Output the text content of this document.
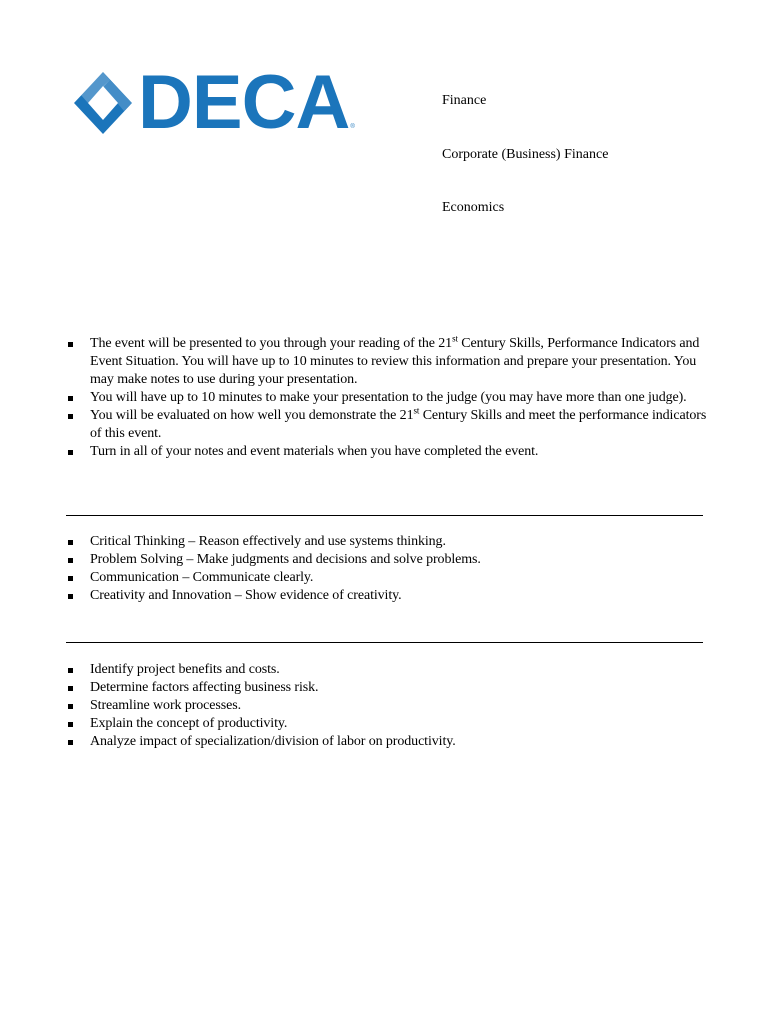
DECA ®
Finance
Corporate (Business) Finance
Economics
The event will be presented to you through your reading of the 21st Century Skills, Performance Indicators and Event Situation. You will have up to 10 minutes to review this information and prepare your presentation. You may make notes to use during your presentation.
You will have up to 10 minutes to make your presentation to the judge (you may have more than one judge).
You will be evaluated on how well you demonstrate the 21st Century Skills and meet the performance indicators of this event.
Turn in all of your notes and event materials when you have completed the event.
Critical Thinking – Reason effectively and use systems thinking.
Problem Solving – Make judgments and decisions and solve problems.
Communication – Communicate clearly.
Creativity and Innovation – Show evidence of creativity.
Identify project benefits and costs.
Determine factors affecting business risk.
Streamline work processes.
Explain the concept of productivity.
Analyze impact of specialization/division of labor on productivity.
